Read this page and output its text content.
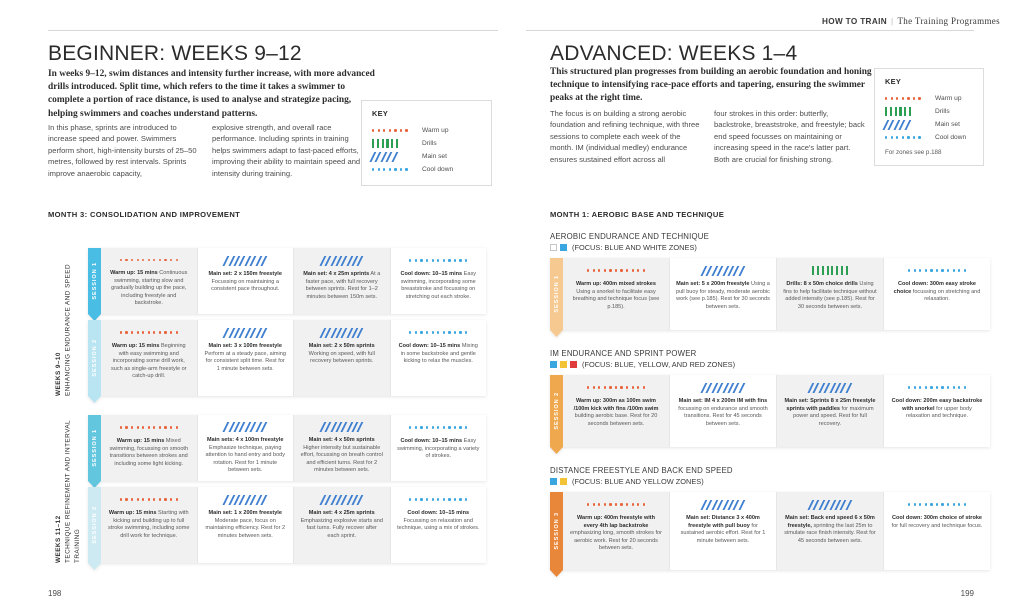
BEGINNER: WEEKS 9–12
In weeks 9–12, swim distances and intensity further increase, with more advanced drills introduced. Split time, which refers to the time it takes a swimmer to complete a portion of race distance, is used to analyse and strategize pacing, helping swimmers and coaches understand patterns.

In this phase, sprints are introduced to increase speed and power. Swimmers perform short, high-intensity bursts of 25–50 metres, followed by rest intervals. Sprints improve anaerobic capacity,

explosive strength, and overall race performance. Including sprints in training helps swimmers adapt to fast-paced efforts, improving their ability to maintain speed and intensity during training.

KEY
Warm up
Drills
Main set
Cool down
MONTH 3: CONSOLIDATION AND IMPROVEMENT
WEEKS 9–10 ENHANCING ENDURANCE AND SPEED	SESSION 1	Warm up: 15 mins Continuous swimming, starting slow and gradually building up the pace, including freestyle and backstroke.
Main set: 2 x 150m freestyle Focussing on maintaining a consistent pace throughout.
Main set: 4 x 25m sprints At a faster pace, with full recovery between sprints. Rest for 1–2 minutes between 150m sets.
Cool down: 10–15 mins Easy swimming, incorporating some breaststroke and focussing on stretching out each stroke.
SESSION 2	Warm up: 15 mins Beginning with easy swimming and incorporating some drill work, such as single-arm freestyle or catch-up drill.
Main set: 3 x 100m freestyle Perform at a steady pace, aiming for consistent split time. Rest for 1 minute between sets.
Main set: 2 x 50m sprints Working on speed, with full recovery between sprints.
Cool down: 10–15 mins Mixing in some backstroke and gentle kicking to relax the muscles.
WEEKS 11–12 TECHNIQUE REFINEMENT AND INTERVAL TRAINING
SESSION 1	Warm up: 15 mins Mixed swimming, focussing on smooth transitions between strokes and including some light kicking.
Main sets: 4 x 100m freestyle Emphasize technique, paying attention to hand entry and body rotation. Rest for 1 minute between sets.
Main set: 4 x 50m sprints Higher intensity but sustainable effort, focussing on breath control and efficient turns. Rest for 2 minutes between sets.
Cool down: 10–15 mins Easy swimming, incorporating a variety of strokes.
SESSION 2	Warm up: 15 mins Starting with kicking and building up to full stroke swimming, including some drill work for technique.
Main set: 1 x 200m freestyle Moderate pace, focus on maintaining efficiency. Rest for 2 minutes between sets.
Main set: 4 x 25m sprints Emphasizing explosive starts and fast turns. Fully recover after each sprint.
Cool down: 10–15 mins Focussing on relaxation and technique, using a mix of strokes.
198
HOW TO TRAIN | The Training Programmes
ADVANCED: WEEKS 1–4
This structured plan progresses from building an aerobic foundation and honing technique to intensifying race-pace efforts and tapering, ensuring the swimmer peaks at the right time.

The focus is on building a strong aerobic foundation and refining technique, with three sessions to complete each week of the month. IM (individual medley) endurance ensures sustained effort across all

four strokes in this order: butterfly, backstroke, breaststroke, and freestyle; back end speed focusses on maintaining or increasing speed in the race's latter part. Both are crucial for finishing strong.

KEY
Warm up
Drills
Main set
Cool down
For zones see p.188
MONTH 1: AEROBIC BASE AND TECHNIQUE
AEROBIC ENDURANCE AND TECHNIQUE
(FOCUS: BLUE AND WHITE ZONES)
SESSION 1	Warm up: 400m mixed strokes Using a snorkel to facilitate easy breathing and technique focus (see p.185).
Main set: 5 x 200m freestyle Using a pull buoy for steady, moderate aerobic work (see p.185). Rest for 30 seconds between sets.
Drills: 8 x 50m choice drills Using fins to help facilitate technique without added intensity (see p.185). Rest for 30 seconds between sets.
Cool down: 300m easy stroke choice focussing on stretching and relaxation.
IM ENDURANCE AND SPRINT POWER
(FOCUS: BLUE, YELLOW, AND RED ZONES)
SESSION 2	Warm up: 300m as 100m swim /100m kick with fins /100m swim building aerobic base. Rest for 20 seconds between sets.
Main set: IM 4 x 200m IM with fins focussing on endurance and smooth transitions. Rest for 45 seconds between sets.
Main set: Sprints 8 x 25m freestyle sprints with paddles for maximum power and speed. Rest for full recovery.
Cool down: 200m easy backstroke with snorkel for upper body relaxation and technique.
DISTANCE FREESTYLE AND BACK END SPEED
(FOCUS: BLUE AND YELLOW ZONES)
SESSION 3	Warm up: 400m freestyle with every 4th lap backstroke emphasizing long, smooth strokes for aerobic work. Rest for 20 seconds between sets.
Main set: Distance 3 x 400m freestyle with pull buoy for sustained aerobic effort. Rest for 1 minute between sets.
Main set: Back end speed 6 x 50m freestyle, sprinting the last 25m to simulate race finish intensity. Rest for 45 seconds between sets.
Cool down: 300m choice of stroke for full recovery and technique focus.
199
